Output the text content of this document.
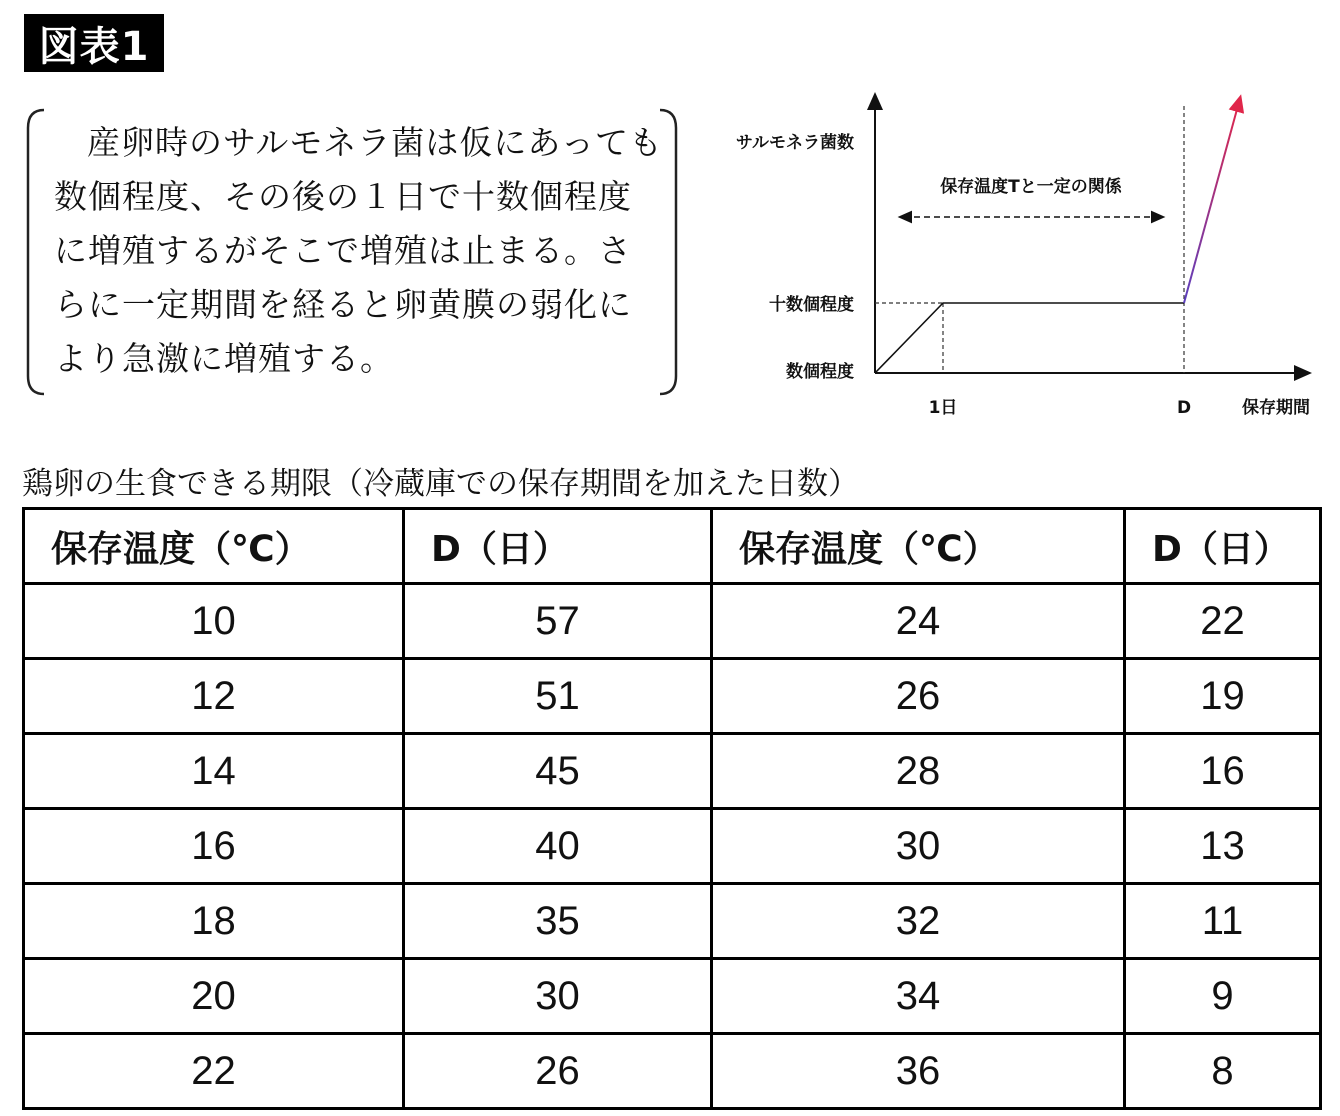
図表1

産卵時のサルモネラ菌は仮にあっても数個程度、その後の１日で十数個程度に増殖するがそこで増殖は止まる。さらに一定期間を経ると卵黄膜の弱化により急激に増殖する。

サルモネラ菌数
保存温度Tと一定の関係
十数個程度
数個程度
1日	D	保存期間

鶏卵の生食できる期限（冷蔵庫での保存期間を加えた日数）

保存温度（℃）	D（日）	保存温度（℃）	D（日）
10	57	24	22
12	51	26	19
14	45	28	16
16	40	30	13
18	35	32	11
20	30	34	9
22	26	36	8
